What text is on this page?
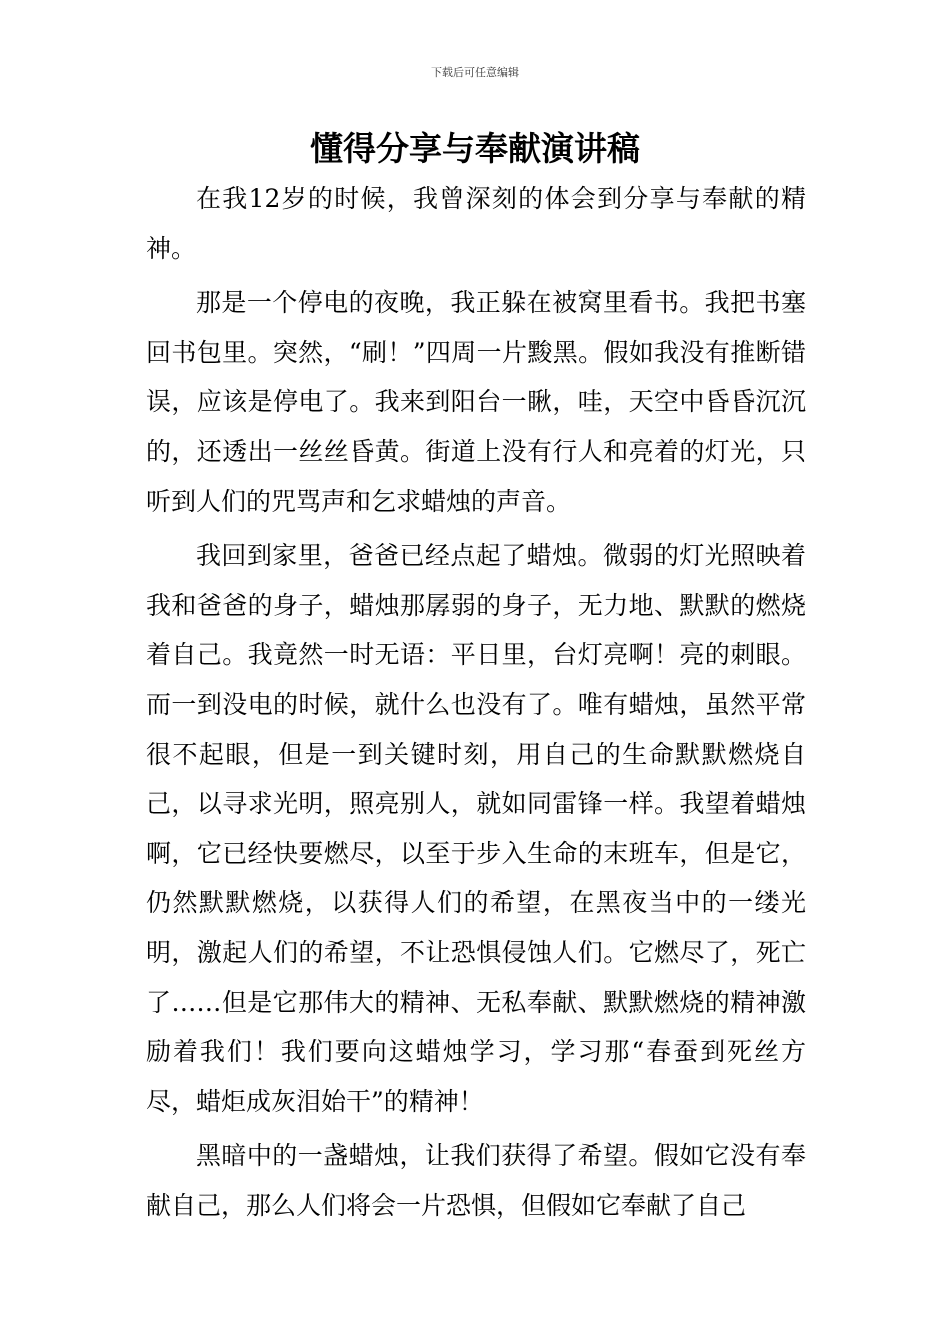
下载后可任意编辑
懂得分享与奉献演讲稿

在我12岁的时候，我曾深刻的体会到分享与奉献的精神。

那是一个停电的夜晚，我正躲在被窝里看书。我把书塞回书包里。突然，“刷！”四周一片黢黑。假如我没有推断错误，应该是停电了。我来到阳台一瞅，哇，天空中昏昏沉沉的，还透出一丝丝昏黄。街道上没有行人和亮着的灯光，只听到人们的咒骂声和乞求蜡烛的声音。

我回到家里，爸爸已经点起了蜡烛。微弱的灯光照映着我和爸爸的身子，蜡烛那孱弱的身子，无力地、默默的燃烧着自己。我竟然一时无语：平日里，台灯亮啊！亮的刺眼。而一到没电的时候，就什么也没有了。唯有蜡烛，虽然平常很不起眼，但是一到关键时刻，用自己的生命默默燃烧自己，以寻求光明，照亮别人，就如同雷锋一样。我望着蜡烛啊，它已经快要燃尽，以至于步入生命的末班车，但是它，仍然默默燃烧，以获得人们的希望，在黑夜当中的一缕光明，激起人们的希望，不让恐惧侵蚀人们。它燃尽了，死亡了……但是它那伟大的精神、无私奉献、默默燃烧的精神激励着我们！我们要向这蜡烛学习，学习那“春蚕到死丝方尽，蜡炬成灰泪始干”的精神！

黑暗中的一盏蜡烛，让我们获得了希望。假如它没有奉献自己，那么人们将会一片恐惧，但假如它奉献了自己
